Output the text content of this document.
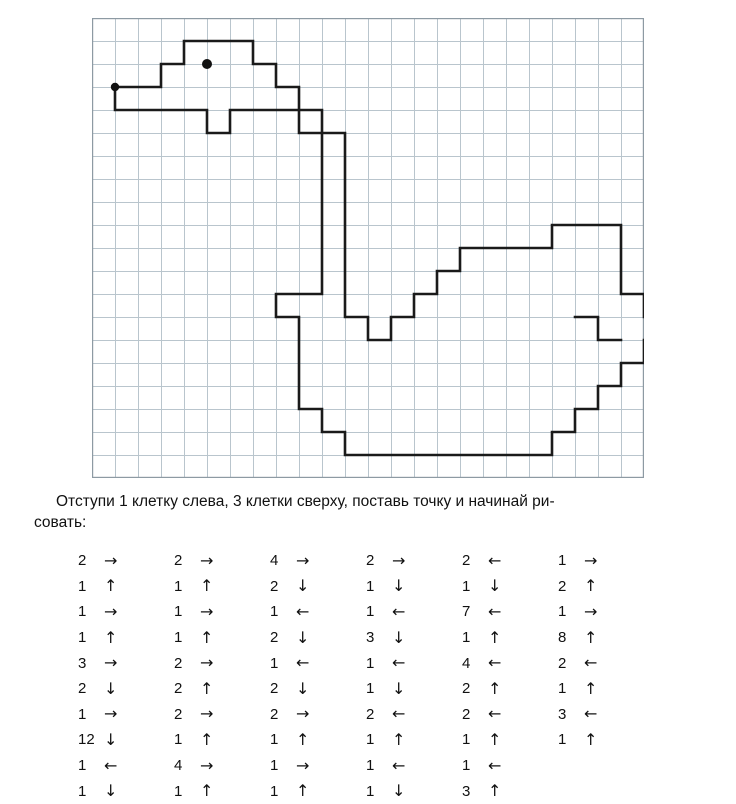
Отступи 1 клетку слева, 3 клетки сверху, поставь точку и начинай ри-
совать:
2	→
1	↑
1	→
1	↑
3	→
2	↓
1	→
12 ↓
1	←
1	↓
2	→
1	↑
1	→
1	↑
2	→
2	↑
2	→
1	↑
4	→
1	↑
4	→
2	↓
1	←
2	↓
1	←
2	↓
2	→
1	↑
1	→
1	↑
2	→
1	↓
1	←
3	↓
1	←
1	↓
2	←
1	↑
1	←
1	↓
2	←
1	↓
7	←
1	↑
4	←
2	↑
2	←
1	↑
1	←
3	↑
1	→
2	↑
1	→
8	↑
2	←
1	↑
3	←
1	↑
